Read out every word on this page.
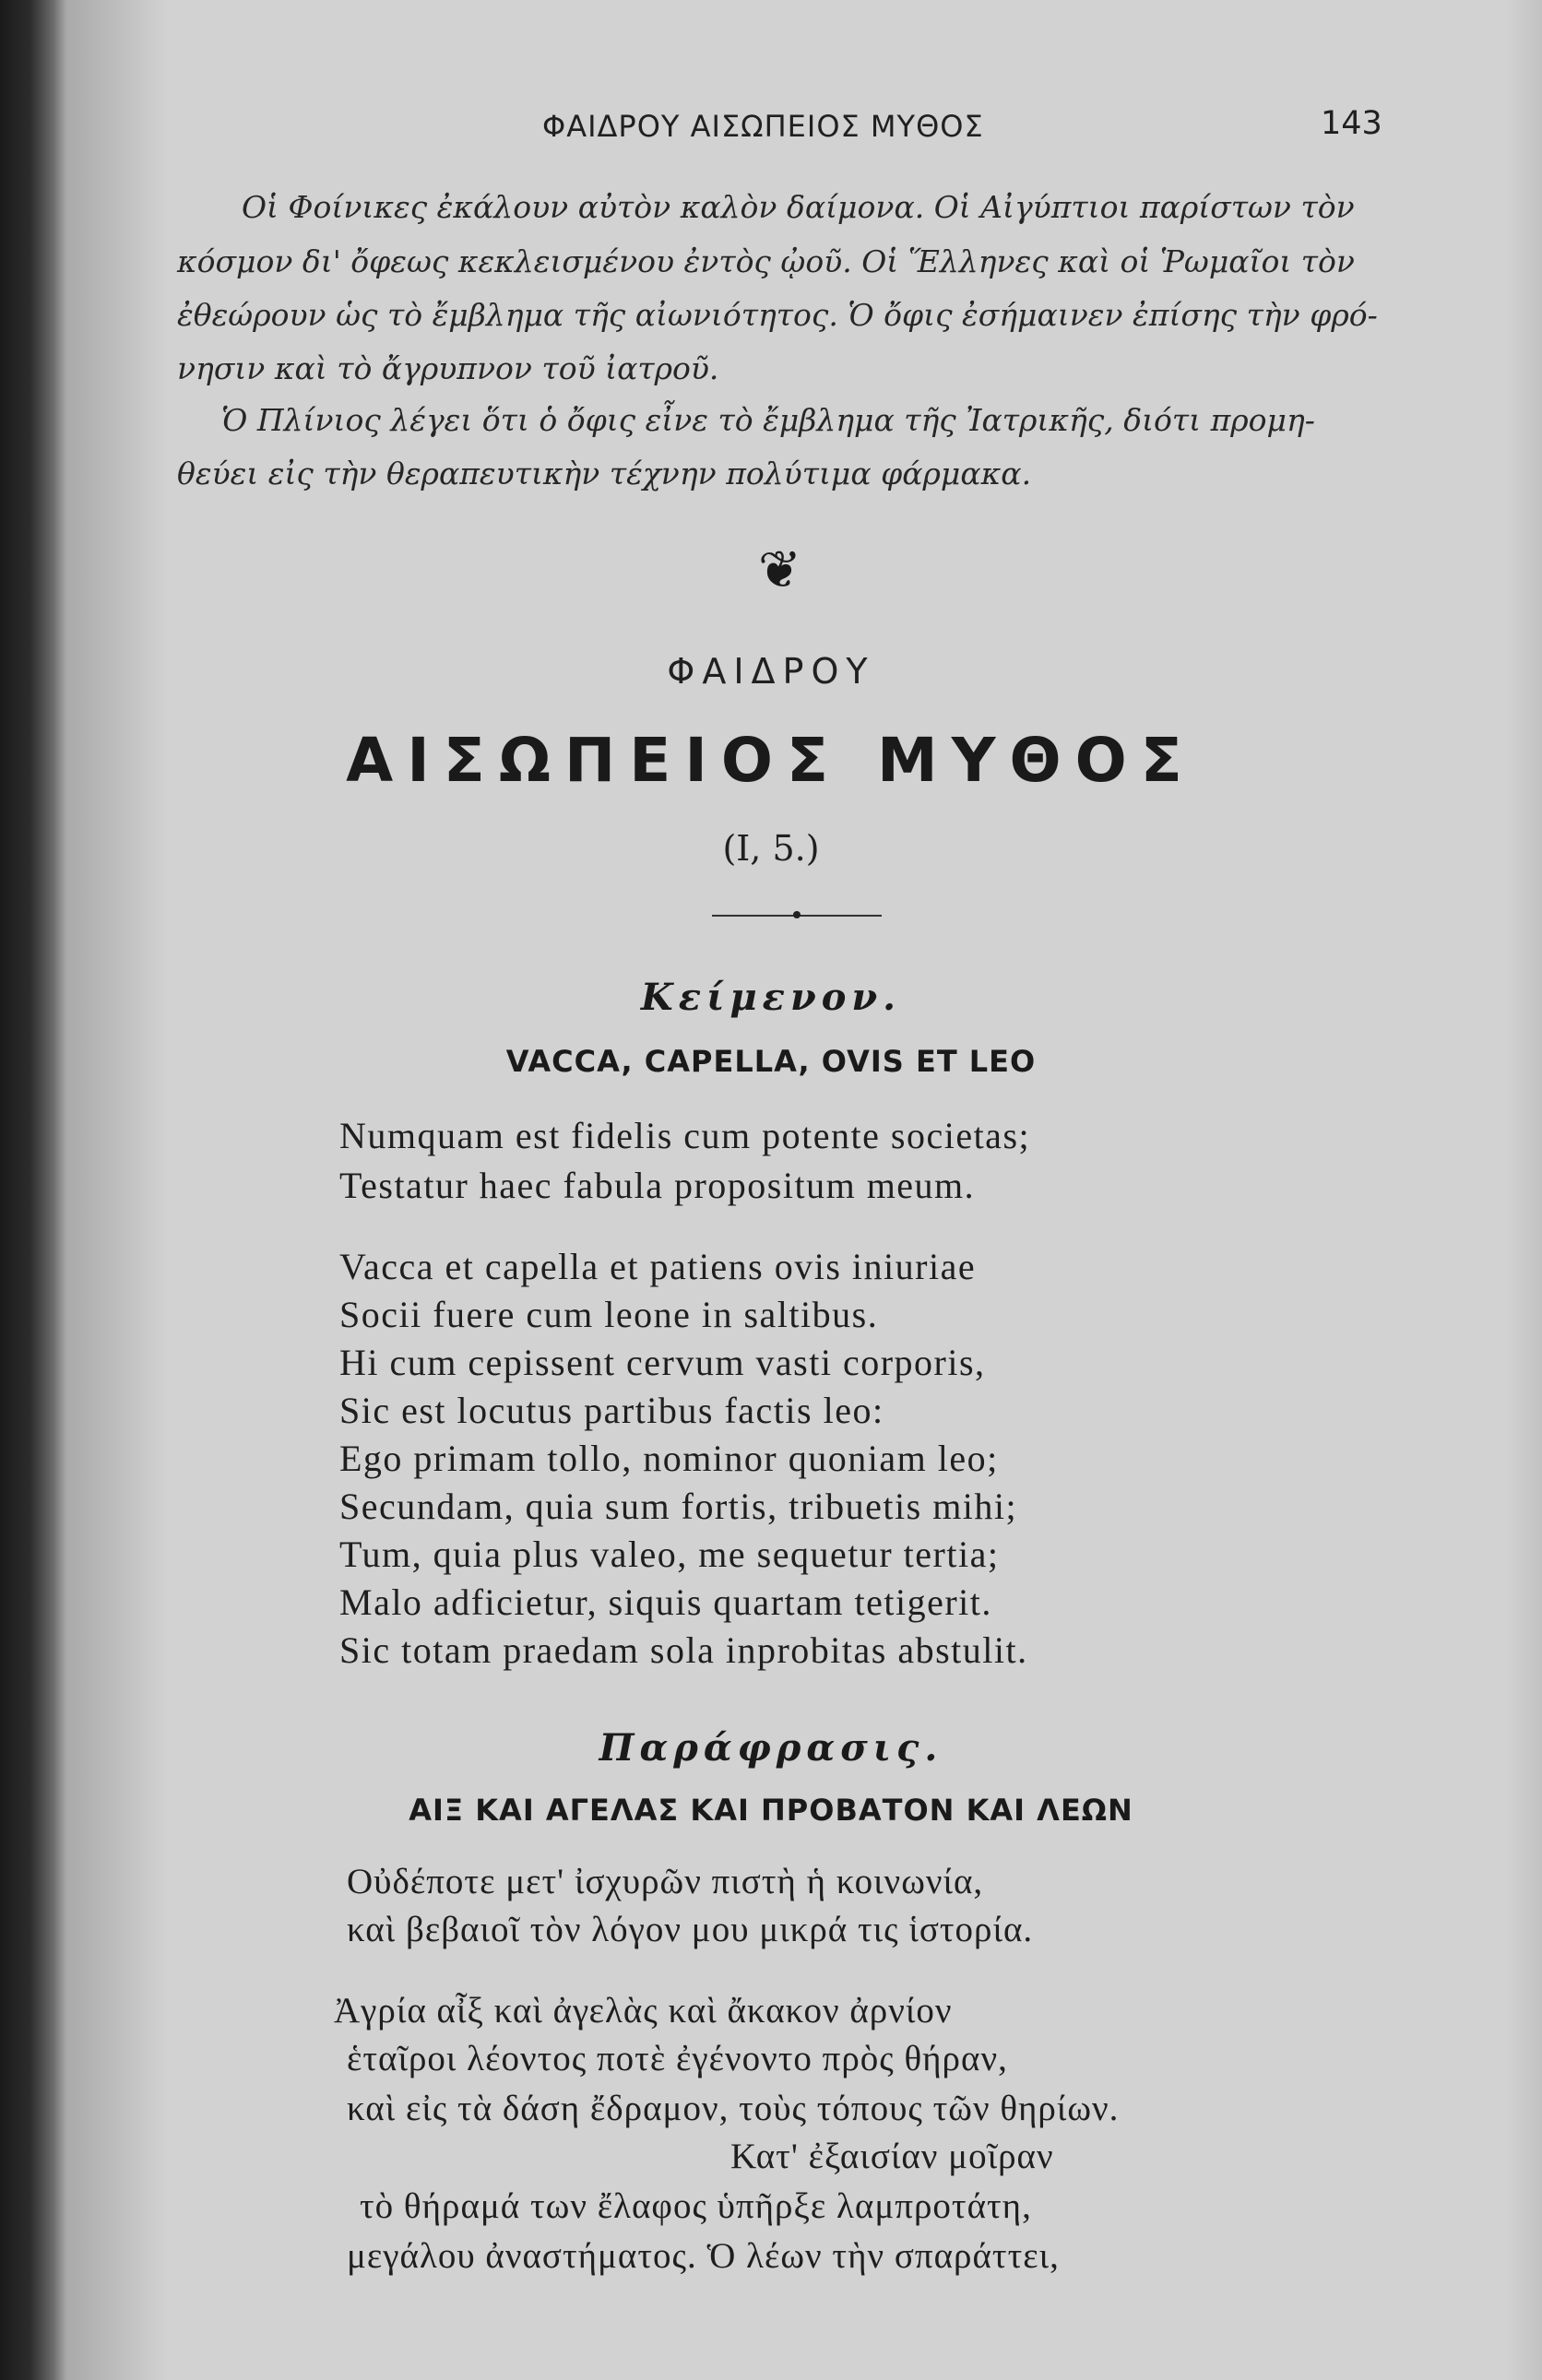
ΦΑΙΔΡΟΥ ΑΙΣΩΠΕΙΟΣ ΜΥΘΟΣ	143
Οἱ Φοίνικες ἐκάλουν αὐτὸν καλὸν δαίμονα. Οἱ Αἰγύπτιοι παρίστων τὸν
κόσμον δι' ὄφεως κεκλεισμένου ἐντὸς ᾠοῦ. Οἱ Ἕλληνες καὶ οἱ Ῥωμαῖοι τὸν
ἐθεώρουν ὡς τὸ ἔμβλημα τῆς αἰωνιότητος. Ὁ ὄφις ἐσήμαινεν ἐπίσης τὴν φρό-
νησιν καὶ τὸ ἄγρυπνον τοῦ ἰατροῦ.
Ὁ Πλίνιος λέγει ὅτι ὁ ὄφις εἶνε τὸ ἔμβλημα τῆς Ἰατρικῆς, διότι προμη-
θεύει εἰς τὴν θεραπευτικὴν τέχνην πολύτιμα φάρμακα.
❦
ΦΑΙΔΡΟΥ
ΑΙΣΩΠΕΙΟΣ ΜΥΘΟΣ
(I, 5.)
Κείμενον.
VACCA, CAPELLA, OVIS ET LEO
Numquam est fidelis cum potente societas;
Testatur haec fabula propositum meum.
Vacca et capella et patiens ovis iniuriae
Socii fuere cum leone in saltibus.
Hi cum cepissent cervum vasti corporis,
Sic est locutus partibus factis leo:
Ego primam tollo, nominor quoniam leo;
Secundam, quia sum fortis, tribuetis mihi;
Tum, quia plus valeo, me sequetur tertia;
Malo adficietur, siquis quartam tetigerit.
Sic totam praedam sola inprobitas abstulit.
Παράφρασις.
ΑΙΞ ΚΑΙ ΑΓΕΛΑΣ ΚΑΙ ΠΡΟΒΑΤΟΝ ΚΑΙ ΛΕΩΝ
Οὐδέποτε μετ' ἰσχυρῶν πιστὴ ἡ κοινωνία,
καὶ βεβαιοῖ τὸν λόγον μου μικρά τις ἱστορία.
Ἀγρία αἶξ καὶ ἀγελὰς καὶ ἄκακον ἀρνίον
ἑταῖροι λέοντος ποτὲ ἐγένοντο πρὸς θήραν,
καὶ εἰς τὰ δάση ἔδραμον, τοὺς τόπους τῶν θηρίων.
Κατ' ἐξαισίαν μοῖραν
τὸ θήραμά των ἔλαφος ὑπῆρξε λαμπροτάτη,
μεγάλου ἀναστήματος. Ὁ λέων τὴν σπαράττει,
